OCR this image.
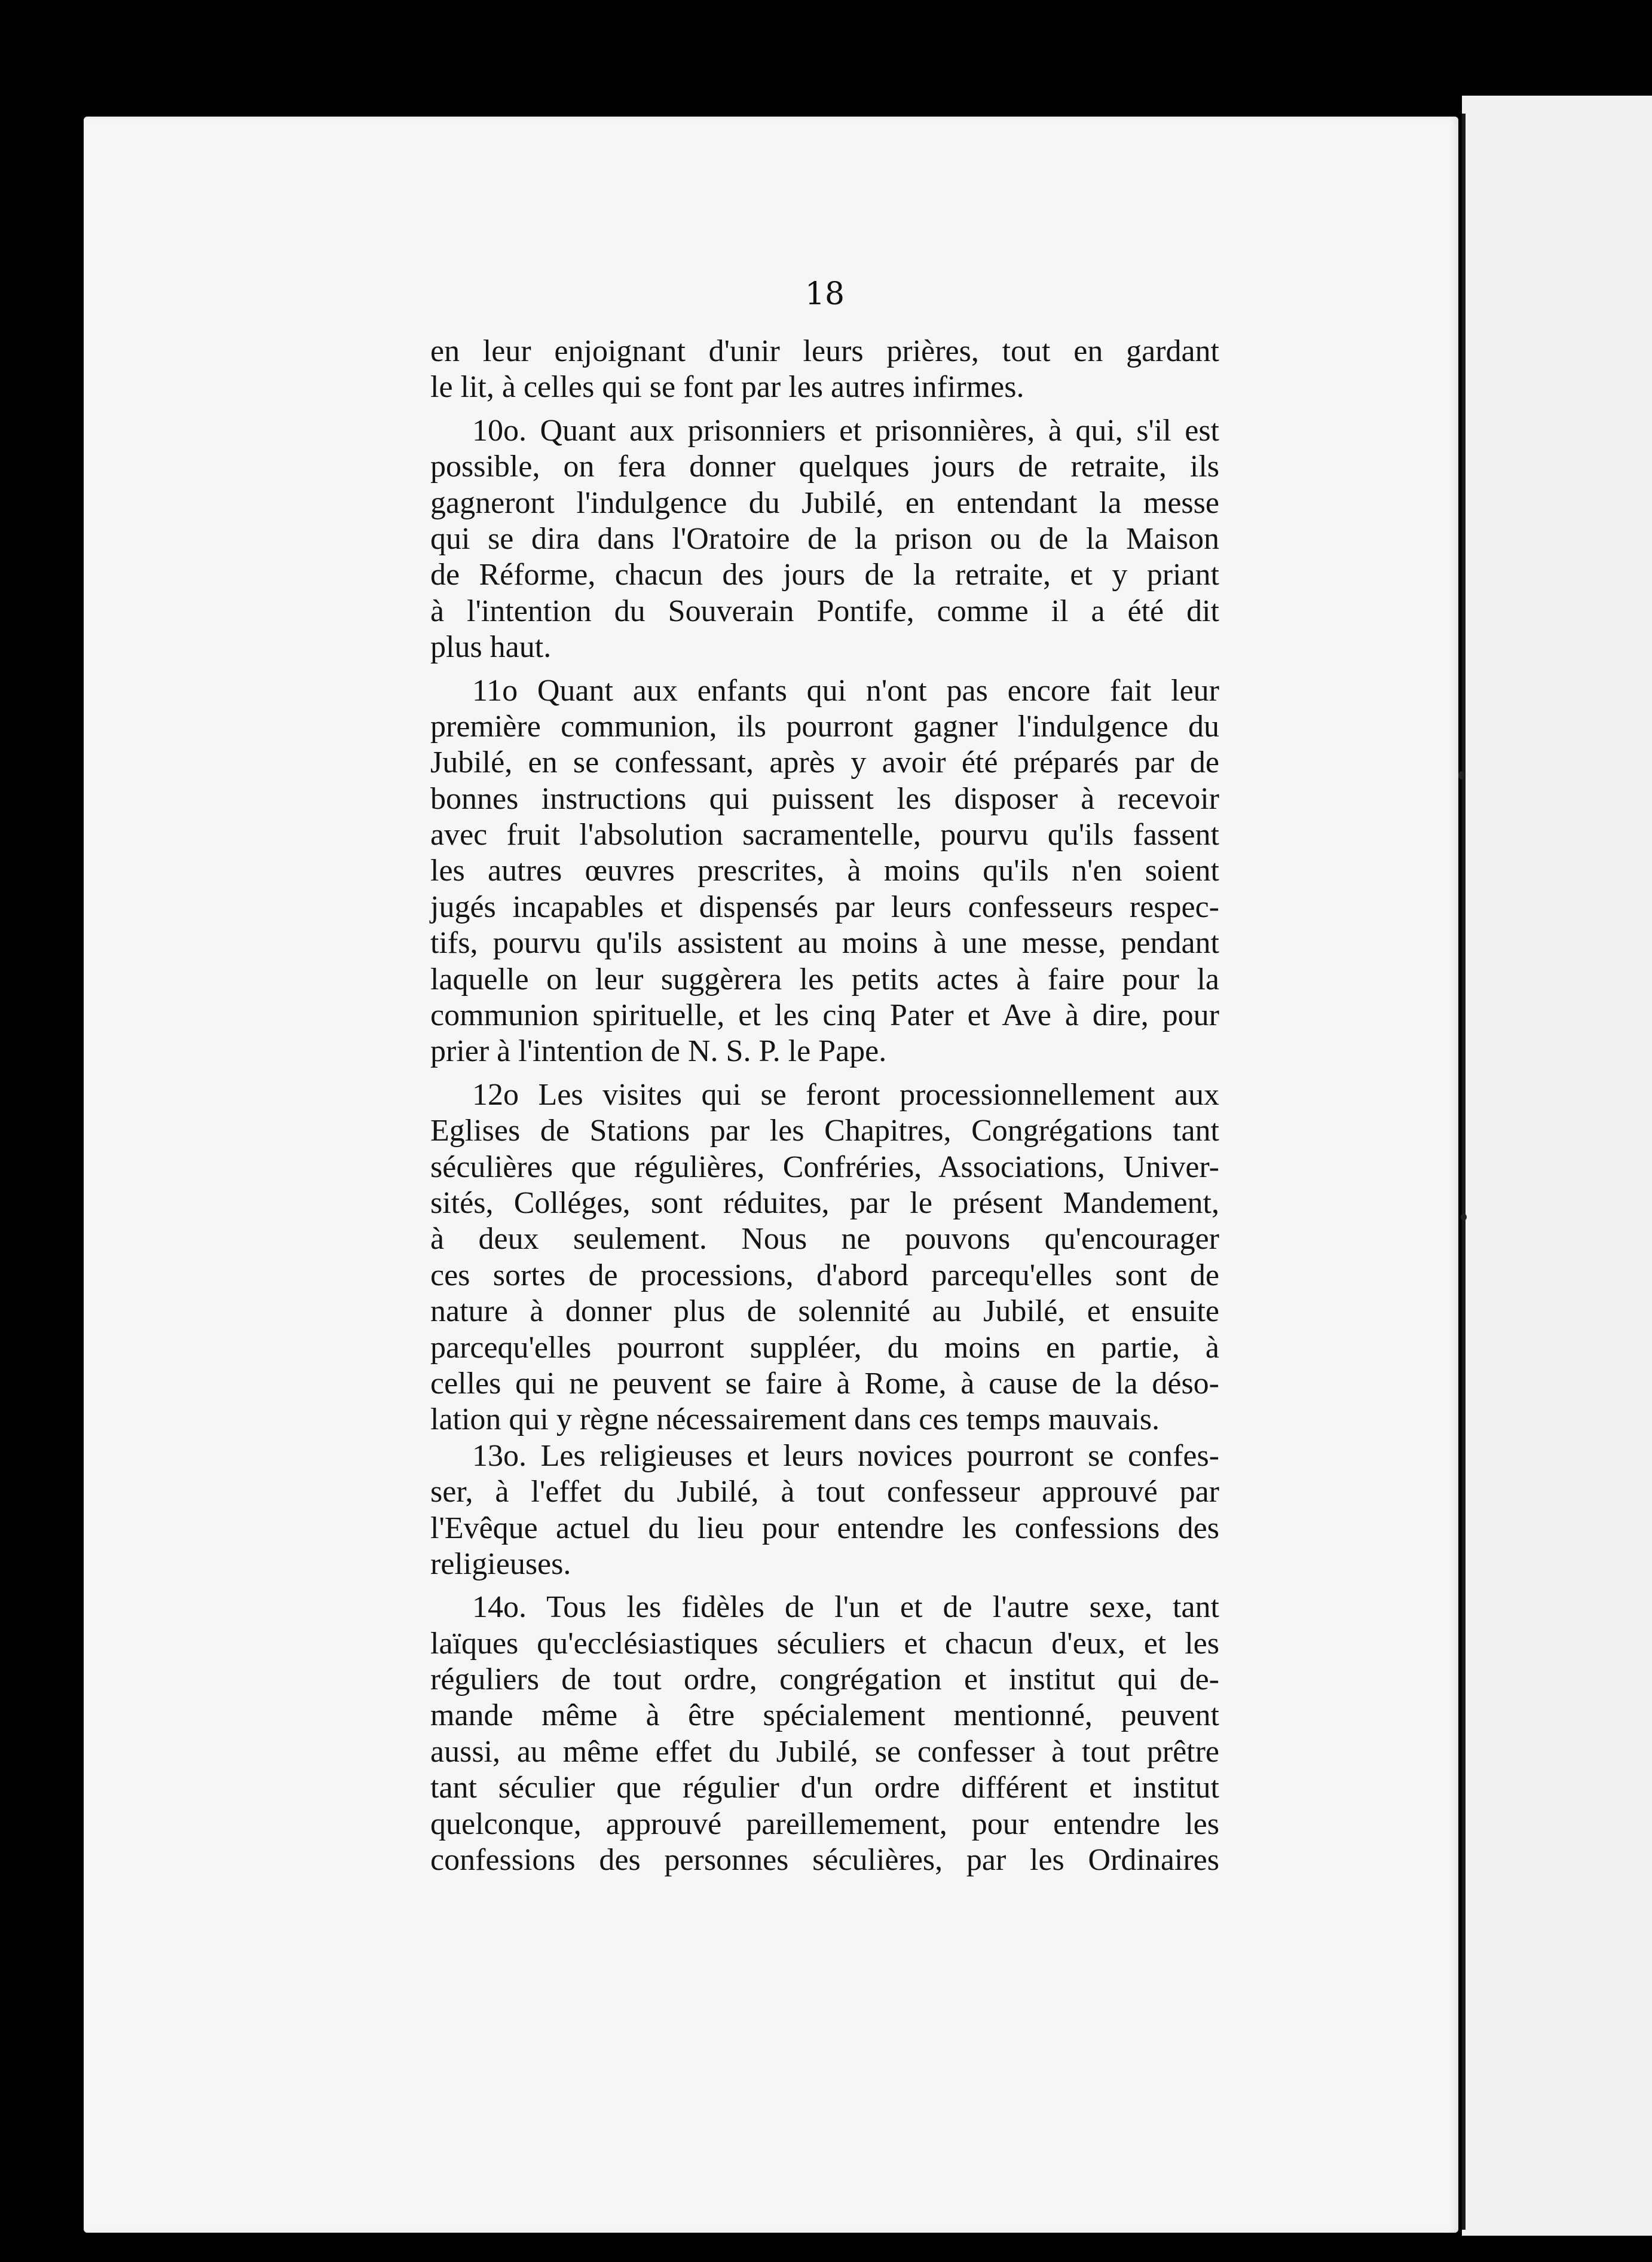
18
en leur enjoignant d'unir leurs prières, tout en gardant
le lit, à celles qui se font par les autres infirmes.
10o. Quant aux prisonniers et prisonnières, à qui, s'il est
possible, on fera donner quelques jours de retraite, ils
gagneront l'indulgence du Jubilé, en entendant la messe
qui se dira dans l'Oratoire de la prison ou de la Maison
de Réforme, chacun des jours de la retraite, et y priant
à l'intention du Souverain Pontife, comme il a été dit
plus haut.
11o Quant aux enfants qui n'ont pas encore fait leur
première communion, ils pourront gagner l'indulgence du
Jubilé, en se confessant, après y avoir été préparés par de
bonnes instructions qui puissent les disposer à recevoir
avec fruit l'absolution sacramentelle, pourvu qu'ils fassent
les autres œuvres prescrites, à moins qu'ils n'en soient
jugés incapables et dispensés par leurs confesseurs respec-
tifs, pourvu qu'ils assistent au moins à une messe, pendant
laquelle on leur suggèrera les petits actes à faire pour la
communion spirituelle, et les cinq Pater et Ave à dire, pour
prier à l'intention de N. S. P. le Pape.
12o Les visites qui se feront processionnellement aux
Eglises de Stations par les Chapitres, Congrégations tant
séculières que régulières, Confréries, Associations, Univer-
sités, Colléges, sont réduites, par le présent Mandement,
à deux seulement. Nous ne pouvons qu'encourager
ces sortes de processions, d'abord parcequ'elles sont de
nature à donner plus de solennité au Jubilé, et ensuite
parcequ'elles pourront suppléer, du moins en partie, à
celles qui ne peuvent se faire à Rome, à cause de la déso-
lation qui y règne nécessairement dans ces temps mauvais.
13o. Les religieuses et leurs novices pourront se confes-
ser, à l'effet du Jubilé, à tout confesseur approuvé par
l'Evêque actuel du lieu pour entendre les confessions des
religieuses.
14o. Tous les fidèles de l'un et de l'autre sexe, tant
laïques qu'ecclésiastiques séculiers et chacun d'eux, et les
réguliers de tout ordre, congrégation et institut qui de-
mande même à être spécialement mentionné, peuvent
aussi, au même effet du Jubilé, se confesser à tout prêtre
tant séculier que régulier d'un ordre différent et institut
quelconque, approuvé pareillemement, pour entendre les
confessions des personnes séculières, par les Ordinaires
